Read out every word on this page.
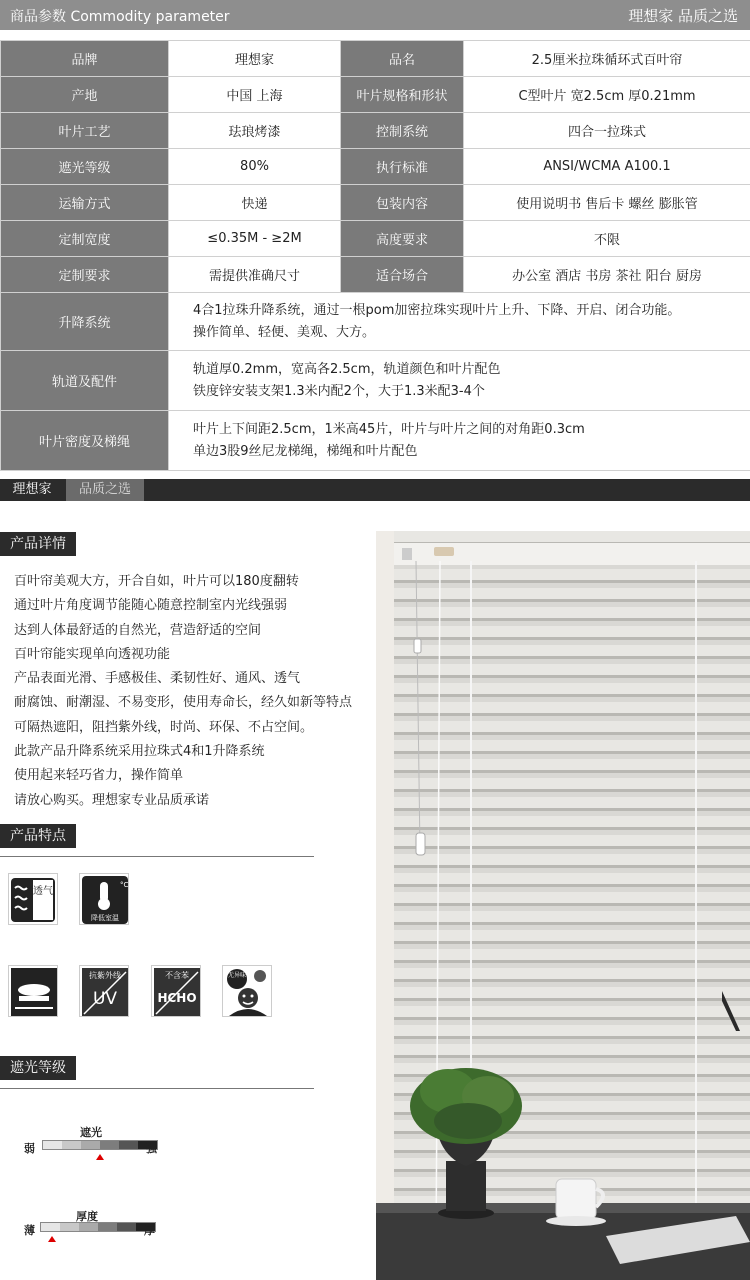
商品参数 Commodity parameter	理想家 品质之选
品牌	理想家	品名	2.5厘米拉珠循环式百叶帘
产地	中国 上海	叶片规格和形状	C型叶片 宽2.5cm 厚0.21mm
叶片工艺	珐琅烤漆	控制系统	四合一拉珠式
遮光等级	80%	执行标准	ANSI/WCMA A100.1
运输方式	快递	包装内容	使用说明书 售后卡 螺丝 膨胀管
定制宽度	≤0.35M - ≥2M	高度要求	不限
定制要求	需提供准确尺寸	适合场合	办公室 酒店 书房 茶社 阳台 厨房
升降系统	4合1拉珠升降系统，通过一根pom加密拉珠实现叶片上升、下降、开启、闭合功能。
操作简单、轻便、美观、大方。		

轨道及配件	轨道厚0.2mm，宽高各2.5cm，轨道颜色和叶片配色
铁度锌安装支架1.3米内配2个，大于1.3米配3-4个		

叶片密度及梯绳	叶片上下间距2.5cm，1米高45片，叶片与叶片之间的对角距0.3cm
单边3股9丝尼龙梯绳，梯绳和叶片配色		
理想家	品质之选
产品详情
百叶帘美观大方，开合自如，叶片可以180度翻转
通过叶片角度调节能随心随意控制室内光线强弱
达到人体最舒适的自然光，营造舒适的空间
百叶帘能实现单向透视功能
产品表面光滑、手感极佳、柔韧性好、通风、透气
耐腐蚀、耐潮湿、不易变形，使用寿命长，经久如新等特点
可隔热遮阳，阻挡紫外线，时尚、环保、不占空间。
此款产品升降系统采用拉珠式4和1升降系统
使用起来轻巧省力，操作简单
请放心购买。理想家专业品质承诺
产品特点
透气
°C
降低室温
抗紫外线
UV
不含苯
HCHO
无异味
遮光等级
遮光
弱	强
厚度
薄	厚
